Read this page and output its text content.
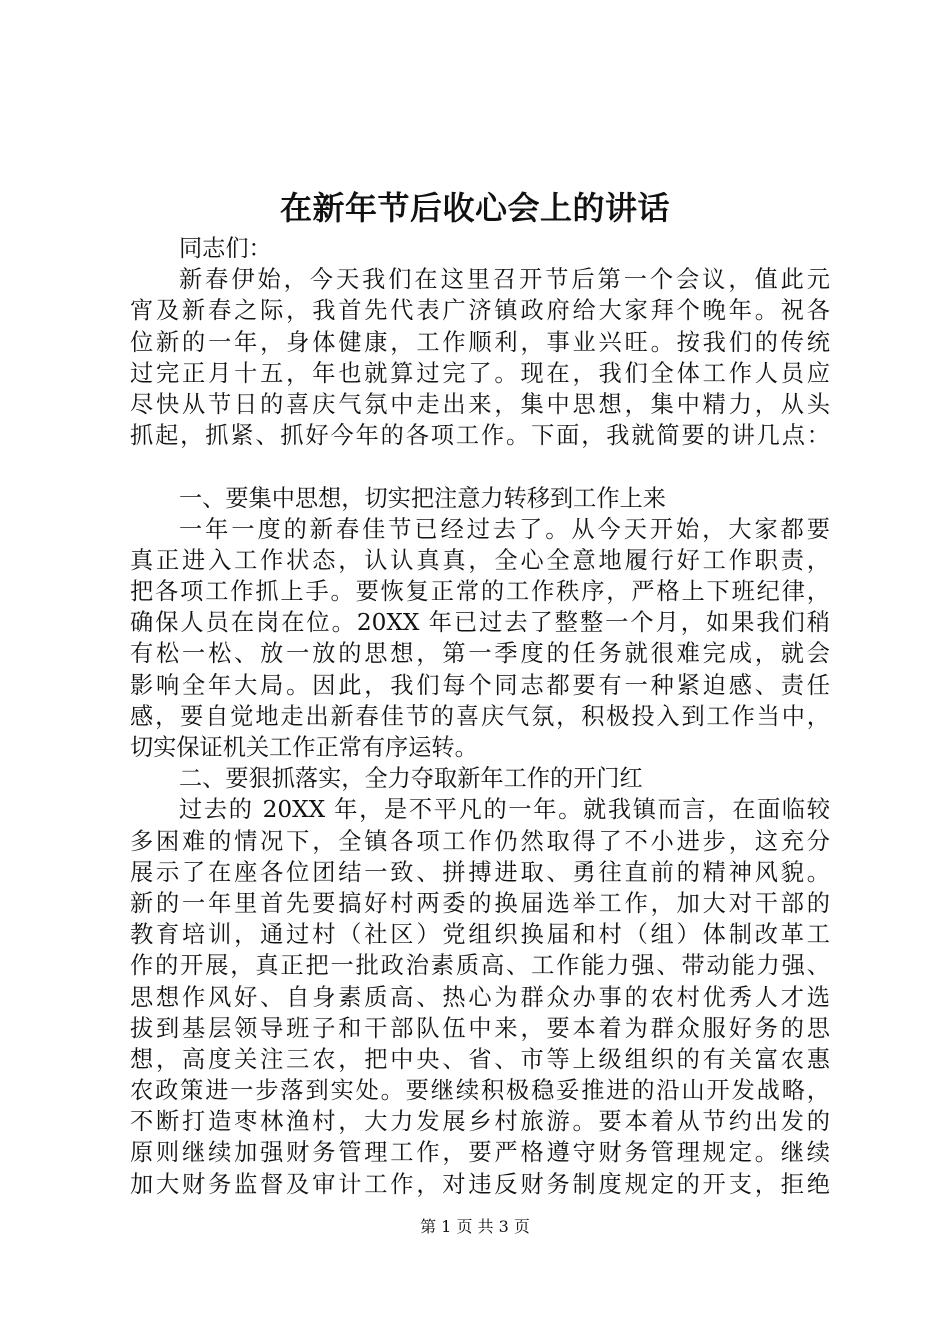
在新年节后收心会上的讲话
同志们：
新春伊始，今天我们在这里召开节后第一个会议，值此元
宵及新春之际，我首先代表广济镇政府给大家拜个晚年。祝各
位新的一年，身体健康，工作顺利，事业兴旺。按我们的传统
过完正月十五，年也就算过完了。现在，我们全体工作人员应
尽快从节日的喜庆气氛中走出来，集中思想，集中精力，从头
抓起，抓紧、抓好今年的各项工作。下面，我就简要的讲几点：
一、要集中思想，切实把注意力转移到工作上来
一年一度的新春佳节已经过去了。从今天开始，大家都要
真正进入工作状态，认认真真，全心全意地履行好工作职责，
把各项工作抓上手。要恢复正常的工作秩序，严格上下班纪律，
确保人员在岗在位。20XX 年已过去了整整一个月，如果我们稍
有松一松、放一放的思想，第一季度的任务就很难完成，就会
影响全年大局。因此，我们每个同志都要有一种紧迫感、责任
感，要自觉地走出新春佳节的喜庆气氛，积极投入到工作当中，
切实保证机关工作正常有序运转。
二、要狠抓落实，全力夺取新年工作的开门红
过去的 20XX 年，是不平凡的一年。就我镇而言，在面临较
多困难的情况下，全镇各项工作仍然取得了不小进步，这充分
展示了在座各位团结一致、拼搏进取、勇往直前的精神风貌。
新的一年里首先要搞好村两委的换届选举工作，加大对干部的
教育培训，通过村（社区）党组织换届和村（组）体制改革工
作的开展，真正把一批政治素质高、工作能力强、带动能力强、
思想作风好、自身素质高、热心为群众办事的农村优秀人才选
拔到基层领导班子和干部队伍中来，要本着为群众服好务的思
想，高度关注三农，把中央、省、市等上级组织的有关富农惠
农政策进一步落到实处。要继续积极稳妥推进的沿山开发战略，
不断打造枣林渔村，大力发展乡村旅游。要本着从节约出发的
原则继续加强财务管理工作，要严格遵守财务管理规定。继续
加大财务监督及审计工作，对违反财务制度规定的开支，拒绝
第 1 页 共 3 页
